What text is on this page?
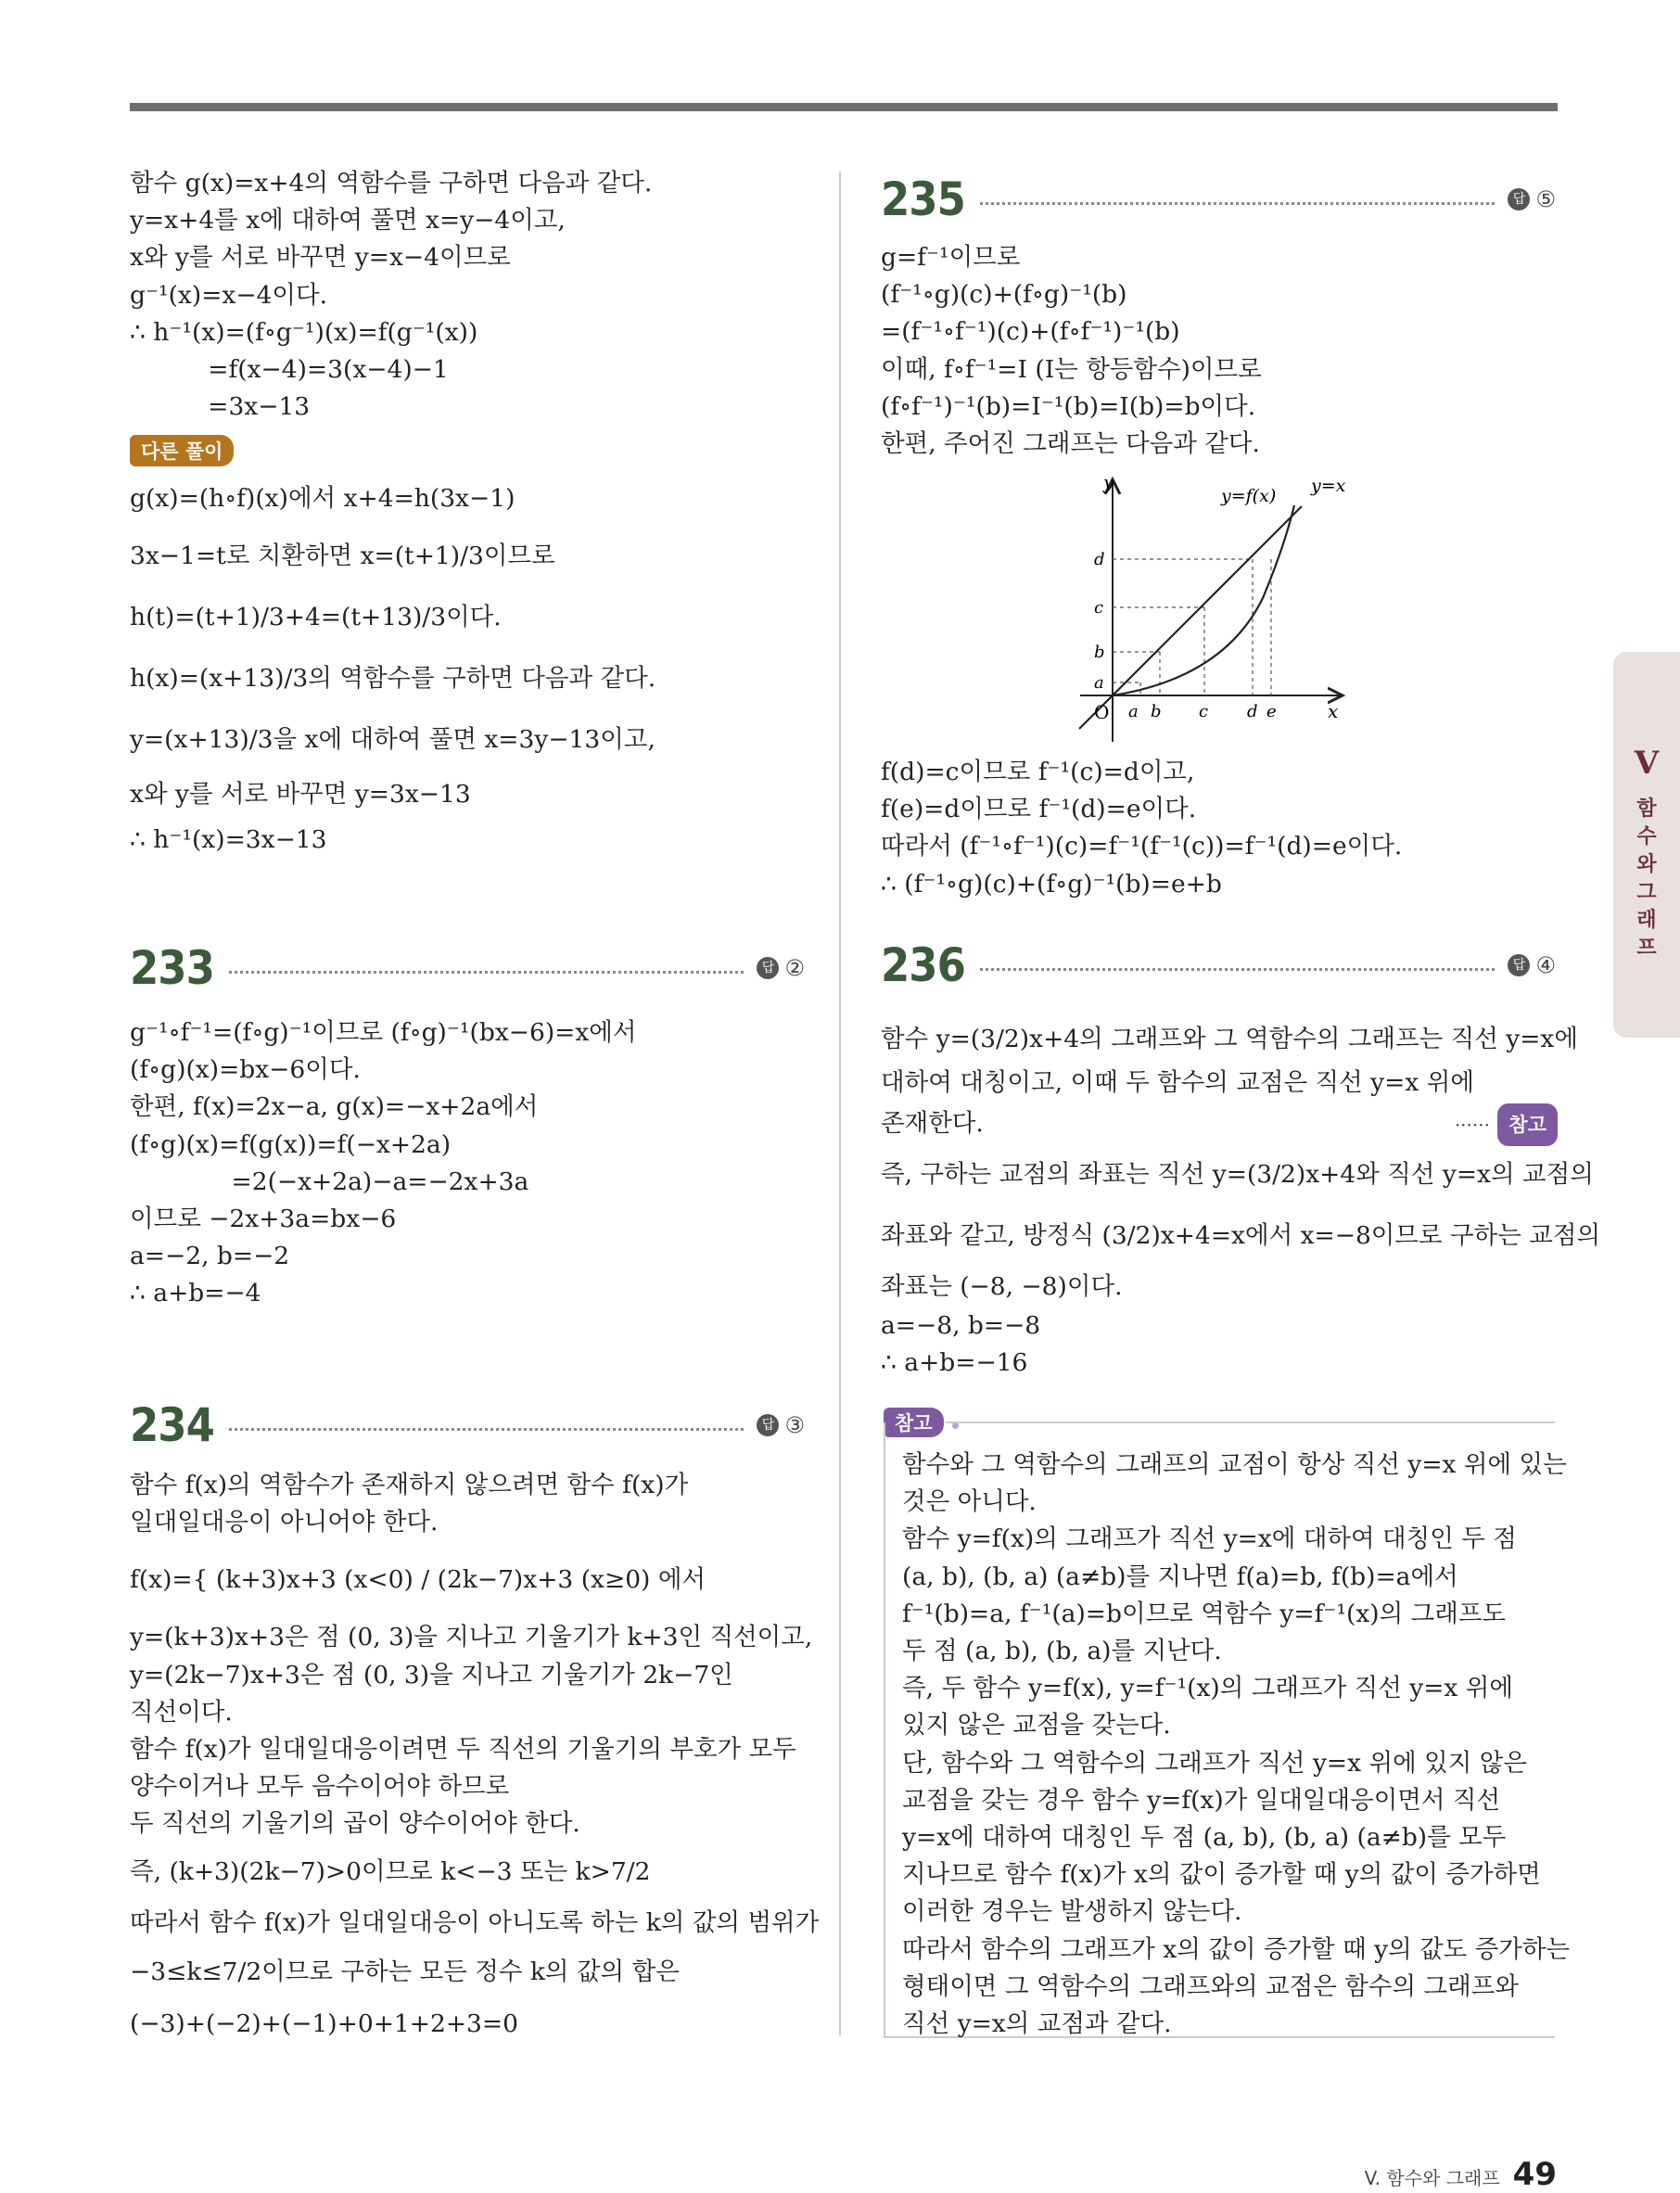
함수 g(x)=x+4의 역함수를 구하면 다음과 같다.
y=x+4를 x에 대하여 풀면 x=y−4이고,
x와 y를 서로 바꾸면 y=x−4이므로
g⁻¹(x)=x−4이다.
∴ h⁻¹(x)=(f∘g⁻¹)(x)=f(g⁻¹(x))
=f(x−4)=3(x−4)−1
=3x−13
다른 풀이
g(x)=(h∘f)(x)에서 x+4=h(3x−1)
3x−1=t로 치환하면 x=(t+1)/3이므로
h(t)=(t+1)/3+4=(t+13)/3이다.
h(x)=(x+13)/3의 역함수를 구하면 다음과 같다.
y=(x+13)/3을 x에 대하여 풀면 x=3y−13이고,
x와 y를 서로 바꾸면 y=3x−13
∴ h⁻¹(x)=3x−13
233	답 ②
g⁻¹∘f⁻¹=(f∘g)⁻¹이므로 (f∘g)⁻¹(bx−6)=x에서
(f∘g)(x)=bx−6이다.
한편, f(x)=2x−a, g(x)=−x+2a에서
(f∘g)(x)=f(g(x))=f(−x+2a)
=2(−x+2a)−a=−2x+3a
이므로 −2x+3a=bx−6
a=−2, b=−2
∴ a+b=−4
234	답 ③
함수 f(x)의 역함수가 존재하지 않으려면 함수 f(x)가
일대일대응이 아니어야 한다.
f(x)={ (k+3)x+3 (x<0) / (2k−7)x+3 (x≥0) 에서
y=(k+3)x+3은 점 (0, 3)을 지나고 기울기가 k+3인 직선이고,
y=(2k−7)x+3은 점 (0, 3)을 지나고 기울기가 2k−7인
직선이다.
함수 f(x)가 일대일대응이려면 두 직선의 기울기의 부호가 모두
양수이거나 모두 음수이어야 하므로
두 직선의 기울기의 곱이 양수이어야 한다.
즉, (k+3)(2k−7)>0이므로 k<−3 또는 k>7/2
따라서 함수 f(x)가 일대일대응이 아니도록 하는 k의 값의 범위가
−3≤k≤7/2이므로 구하는 모든 정수 k의 값의 합은
(−3)+(−2)+(−1)+0+1+2+3=0
235	답 ⑤
g=f⁻¹이므로
(f⁻¹∘g)(c)+(f∘g)⁻¹(b)
=(f⁻¹∘f⁻¹)(c)+(f∘f⁻¹)⁻¹(b)
이때, f∘f⁻¹=I (I는 항등함수)이므로
(f∘f⁻¹)⁻¹(b)=I⁻¹(b)=I(b)=b이다.
한편, 주어진 그래프는 다음과 같다.
y
x
O
y=f(x) y=x
a b c d e
a
b
c
d
f(d)=c이므로 f⁻¹(c)=d이고,
f(e)=d이므로 f⁻¹(d)=e이다.
따라서 (f⁻¹∘f⁻¹)(c)=f⁻¹(f⁻¹(c))=f⁻¹(d)=e이다.
∴ (f⁻¹∘g)(c)+(f∘g)⁻¹(b)=e+b
236	답 ④
함수 y=(3/2)x+4의 그래프와 그 역함수의 그래프는 직선 y=x에
대하여 대칭이고, 이때 두 함수의 교점은 직선 y=x 위에
존재한다.	······ 참고
즉, 구하는 교점의 좌표는 직선 y=(3/2)x+4와 직선 y=x의 교점의
좌표와 같고, 방정식 (3/2)x+4=x에서 x=−8이므로 구하는 교점의
좌표는 (−8, −8)이다.
a=−8, b=−8
∴ a+b=−16
참고
함수와 그 역함수의 그래프의 교점이 항상 직선 y=x 위에 있는
것은 아니다.
함수 y=f(x)의 그래프가 직선 y=x에 대하여 대칭인 두 점
(a, b), (b, a) (a≠b)를 지나면 f(a)=b, f(b)=a에서
f⁻¹(b)=a, f⁻¹(a)=b이므로 역함수 y=f⁻¹(x)의 그래프도
두 점 (a, b), (b, a)를 지난다.
즉, 두 함수 y=f(x), y=f⁻¹(x)의 그래프가 직선 y=x 위에
있지 않은 교점을 갖는다.
단, 함수와 그 역함수의 그래프가 직선 y=x 위에 있지 않은
교점을 갖는 경우 함수 y=f(x)가 일대일대응이면서 직선
y=x에 대하여 대칭인 두 점 (a, b), (b, a) (a≠b)를 모두
지나므로 함수 f(x)가 x의 값이 증가할 때 y의 값이 증가하면
이러한 경우는 발생하지 않는다.
따라서 함수의 그래프가 x의 값이 증가할 때 y의 값도 증가하는
형태이면 그 역함수의 그래프와의 교점은 함수의 그래프와
직선 y=x의 교점과 같다.
V
함
수
와
그
래
프
V. 함수와 그래프 49
